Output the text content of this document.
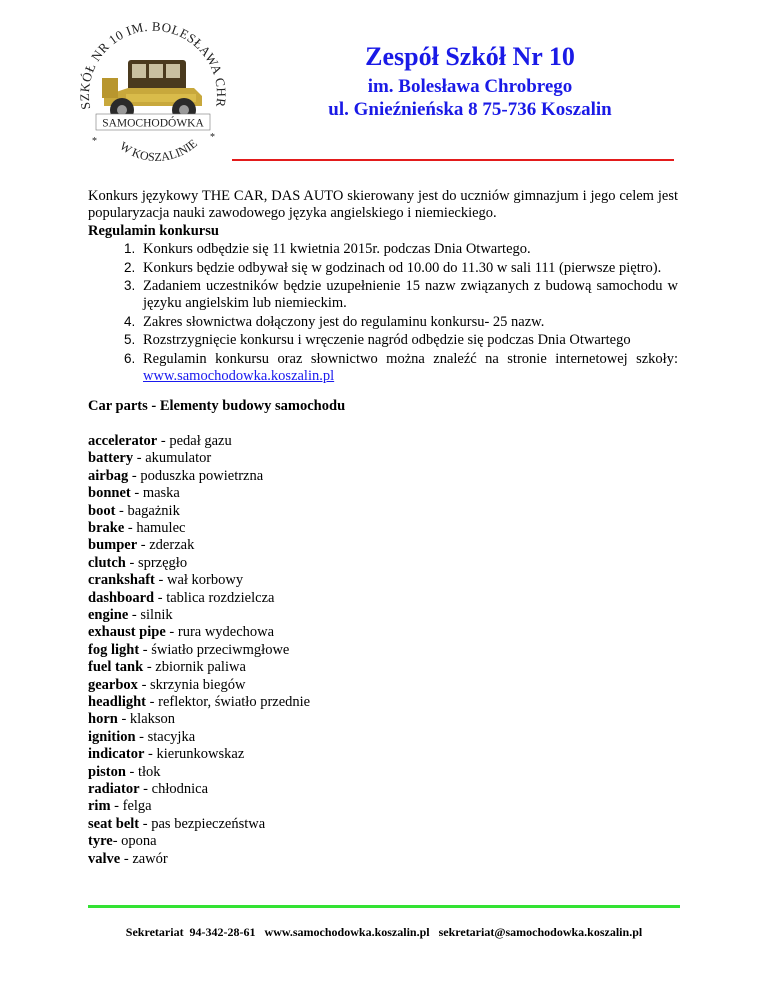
SZKÓŁ NR 10 IM. BOLESŁAWA CHR
SAMOCHODÓWKA
W KOSZALINIE
*	*
Zespół Szkół Nr 10
im. Bolesława Chrobrego
ul. Gnieźnieńska 8 75-736 Koszalin

Konkurs językowy THE CAR, DAS AUTO skierowany jest do uczniów gimnazjum i jego celem jest popularyzacja nauki zawodowego języka angielskiego i niemieckiego.

Regulamin konkursu

1. Konkurs odbędzie się 11 kwietnia 2015r. podczas Dnia Otwartego.
2. Konkurs będzie odbywał się w godzinach od 10.00 do 11.30 w sali 111 (pierwsze piętro).
3. Zadaniem uczestników będzie uzupełnienie 15 nazw związanych z budową samochodu w języku angielskim lub niemieckim.
4. Zakres słownictwa dołączony jest do regulaminu konkursu- 25 nazw.
5. Rozstrzygnięcie konkursu i wręczenie nagród odbędzie się podczas Dnia Otwartego
6. Regulamin konkursu oraz słownictwo można znaleźć na stronie internetowej szkoły: www.samochodowka.koszalin.pl

Car parts - Elementy budowy samochodu

accelerator - pedał gazu
battery - akumulator
airbag - poduszka powietrzna
bonnet - maska
boot - bagażnik
brake - hamulec
bumper - zderzak
clutch - sprzęgło
crankshaft - wał korbowy
dashboard - tablica rozdzielcza
engine - silnik
exhaust pipe - rura wydechowa
fog light - światło przeciwmgłowe
fuel tank - zbiornik paliwa
gearbox - skrzynia biegów
headlight - reflektor, światło przednie
horn - klakson
ignition - stacyjka
indicator - kierunkowskaz
piston - tłok
radiator - chłodnica
rim - felga
seat belt - pas bezpieczeństwa
tyre- opona
valve - zawór
Sekretariat  94-342-28-61   www.samochodowka.koszalin.pl   sekretariat@samochodowka.koszalin.pl
